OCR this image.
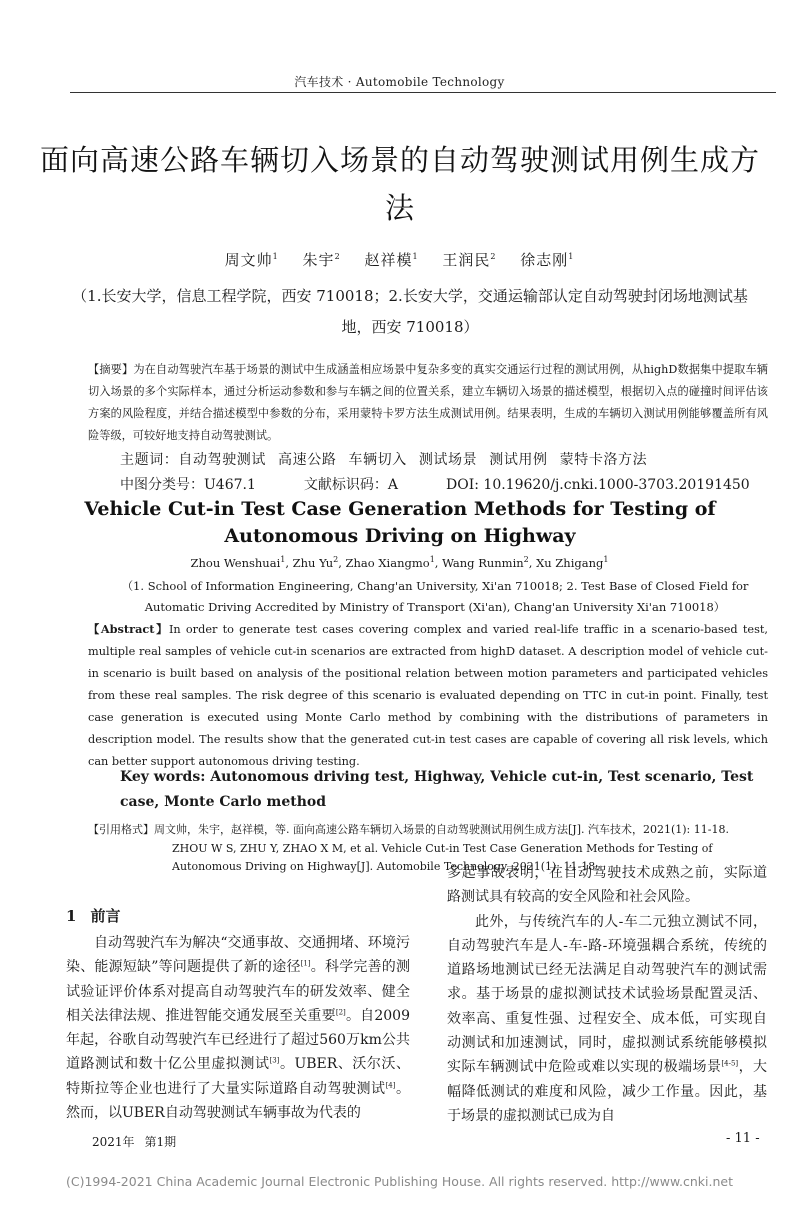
汽车技术 · Automobile Technology
面向高速公路车辆切入场景的自动驾驶测试用例生成方法
周文帅$^1$ 朱宇$^2$ 赵祥模$^1$ 王润民$^2$ 徐志刚$^1$
（1.长安大学，信息工程学院，西安 710018；2.长安大学，交通运输部认定自动驾驶封闭场地测试基地，西安 710018）
【摘要】为在自动驾驶汽车基于场景的测试中生成涵盖相应场景中复杂多变的真实交通运行过程的测试用例，从highD数据集中提取车辆切入场景的多个实际样本，通过分析运动参数和参与车辆之间的位置关系，建立车辆切入场景的描述模型，根据切入点的碰撞时间评估该方案的风险程度，并结合描述模型中参数的分布，采用蒙特卡罗方法生成测试用例。结果表明，生成的车辆切入测试用例能够覆盖所有风险等级，可较好地支持自动驾驶测试。
主题词：自动驾驶测试 高速公路 车辆切入 测试场景 测试用例 蒙特卡洛方法
中图分类号：U467.1	文献标识码：A	DOI: 10.19620/j.cnki.1000-3703.20191450
Vehicle Cut-in Test Case Generation Methods for Testing of Autonomous Driving on Highway
Zhou Wenshuai$^1$, Zhu Yu$^2$, Zhao Xiangmo$^1$, Wang Runmin$^2$, Xu Zhigang$^1$
（1. School of Information Engineering, Chang'an University, Xi'an 710018; 2. Test Base of Closed Field for Automatic Driving Accredited by Ministry of Transport (Xi'an), Chang'an University Xi'an 710018）
【Abstract】In order to generate test cases covering complex and varied real-life traffic in a scenario-based test, multiple real samples of vehicle cut-in scenarios are extracted from highD dataset. A description model of vehicle cut-in scenario is built based on analysis of the positional relation between motion parameters and participated vehicles from these real samples. The risk degree of this scenario is evaluated depending on TTC in cut-in point. Finally, test case generation is executed using Monte Carlo method by combining with the distributions of parameters in description model. The results show that the generated cut-in test cases are capable of covering all risk levels, which can better support autonomous driving testing.
Key words: Autonomous driving test, Highway, Vehicle cut-in, Test scenario, Test case, Monte Carlo method
【引用格式】周文帅，朱宇，赵祥模，等. 面向高速公路车辆切入场景的自动驾驶测试用例生成方法[J]. 汽车技术，2021(1): 11-18.
ZHOU W S, ZHU Y, ZHAO X M, et al. Vehicle Cut-in Test Case Generation Methods for Testing of Autonomous Driving on Highway[J]. Automobile Technology, 2021(1): 11-18.
1 前言

自动驾驶汽车为解决“交通事故、交通拥堵、环境污染、能源短缺”等问题提供了新的途径[1]。科学完善的测试验证评价体系对提高自动驾驶汽车的研发效率、健全相关法律法规、推进智能交通发展至关重要[2]。自2009年起，谷歌自动驾驶汽车已经进行了超过560万km公共道路测试和数十亿公里虚拟测试[3]。UBER、沃尔沃、特斯拉等企业也进行了大量实际道路自动驾驶测试[4]。然而，以UBER自动驾驶测试车辆事故为代表的

多起事故表明，在自动驾驶技术成熟之前，实际道路测试具有较高的安全风险和社会风险。

此外，与传统汽车的人-车二元独立测试不同，自动驾驶汽车是人-车-路-环境强耦合系统，传统的道路场地测试已经无法满足自动驾驶汽车的测试需求。基于场景的虚拟测试技术试验场景配置灵活、效率高、重复性强、过程安全、成本低，可实现自动测试和加速测试，同时，虚拟测试系统能够模拟实际车辆测试中危险或难以实现的极端场景[4-5]，大幅降低测试的难度和风险，减少工作量。因此，基于场景的虚拟测试已成为自

2021年 第1期	- 11 -
(C)1994-2021 China Academic Journal Electronic Publishing House. All rights reserved. http://www.cnki.net
